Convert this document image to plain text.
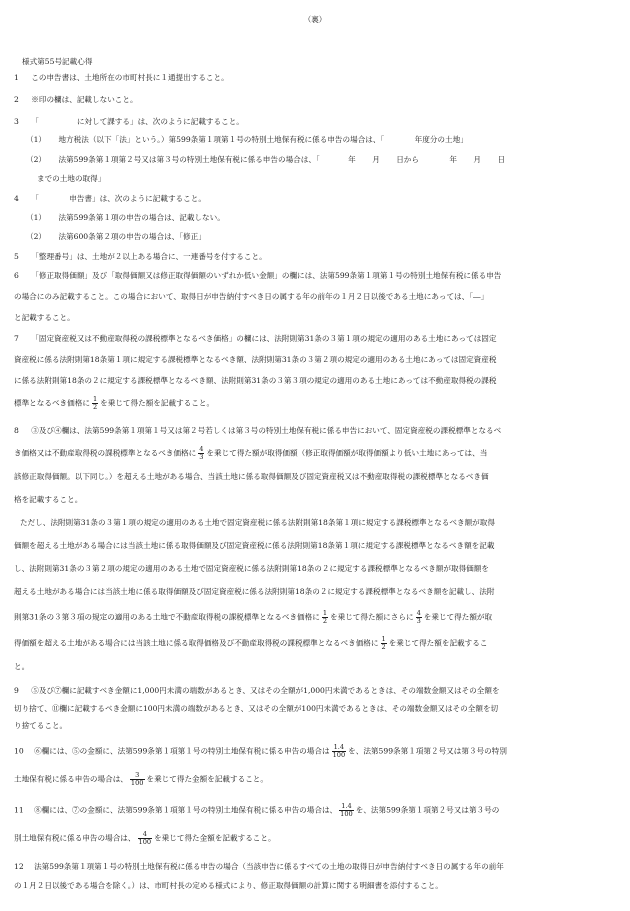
（裏）
様式第55号記載心得
1 この申告書は、土地所在の市町村長に１通提出すること。
2 ※印の欄は、記載しないこと。
3 「　　　　　に対して課する」は、次のように記載すること。
（1） 地方税法（以下「法」という。）第599条第１項第１号の特別土地保有税に係る申告の場合は、「　　　　年度分の土地」
（2） 法第599条第１項第２号又は第３号の特別土地保有税に係る申告の場合は、「	年 月 日から	年 月 日
までの土地の取得」
4 「　　　　申告書」は、次のように記載すること。
（1） 法第599条第１項の申告の場合は、記載しない。
（2） 法第600条第２項の申告の場合は、「修正」
5 「整理番号」は、土地が２以上ある場合に、一連番号を付すること。
6 「修正取得価額」及び「取得価額又は修正取得価額のいずれか低い金額」の欄には、法第599条第１項第１号の特別土地保有税に係る申告
の場合にのみ記載すること。この場合において、取得日が申告納付すべき日の属する年の前年の１月２日以後である土地にあっては、「―」
と記載すること。
7 「固定資産税又は不動産取得税の課税標準となるべき価格」の欄には、法附則第31条の３第１項の規定の適用のある土地にあっては固定
資産税に係る法附則第18条第１項に規定する課税標準となるべき額、法附則第31条の３第２項の規定の適用のある土地にあっては固定資産税
に係る法附則第18条の２に規定する課税標準となるべき額、法附則第31条の３第３項の規定の適用のある土地にあっては不動産取得税の課税
標準となるべき価格に $\frac{1}{2}$ を乗じて得た額を記載すること。
8 ③及び④欄は、法第599条第１項第１号又は第２号若しくは第３号の特別土地保有税に係る申告において、固定資産税の課税標準となるべ
き価格又は不動産取得税の課税標準となるべき価格に $\frac{4}{3}$ を乗じて得た額が取得価額（修正取得価額が取得価額より低い土地にあっては、当
該修正取得価額。以下同じ。）を超える土地がある場合、当該土地に係る取得価額及び固定資産税又は不動産取得税の課税標準となるべき価
格を記載すること。
ただし、法附則第31条の３第１項の規定の適用のある土地で固定資産税に係る法附則第18条第１項に規定する課税標準となるべき額が取得
価額を超える土地がある場合には当該土地に係る取得価額及び固定資産税に係る法附則第18条第１項に規定する課税標準となるべき額を記載
し、法附則第31条の３第２項の規定の適用のある土地で固定資産税に係る法附則第18条の２に規定する課税標準となるべき額が取得価額を
超える土地がある場合には当該土地に係る取得価額及び固定資産税に係る法附則第18条の２に規定する課税標準となるべき額を記載し、法附
則第31条の３第３項の規定の適用のある土地で不動産取得税の課税標準となるべき価格に $\frac{1}{2}$ を乗じて得た額にさらに $\frac{4}{3}$ を乗じて得た額が取
得価額を超える土地がある場合には当該土地に係る取得価格及び不動産取得税の課税標準となるべき価格に $\frac{1}{2}$ を乗じて得た額を記載するこ
と。
9 ⑤及び⑦欄に記載すべき金額に1,000円未満の端数があるとき、又はその全額が1,000円未満であるときは、その端数金額又はその全額を
切り捨て、⑪欄に記載するべき金額に100円未満の端数があるとき、又はその全額が100円未満であるときは、その端数金額又はその全額を切
り捨てること。
10 ⑥欄には、⑤の金額に、法第599条第１項第１号の特別土地保有税に係る申告の場合は $\frac{1.4}{100}$ を、法第599条第１項第２号又は第３号の特別
土地保有税に係る申告の場合は、 $\frac{3}{100}$ を乗じて得た金額を記載すること。
11 ⑧欄には、⑦の金額に、法第599条第１項第１号の特別土地保有税に係る申告の場合は、 $\frac{1.4}{100}$ を、法第599条第１項第２号又は第３号の
別土地保有税に係る申告の場合は、 $\frac{4}{100}$ を乗じて得た金額を記載すること。
12 法第599条第１項第１号の特別土地保有税に係る申告の場合（当該申告に係るすべての土地の取得日が申告納付すべき日の属する年の前年
の１月２日以後である場合を除く。）は、市町村長の定める様式により、修正取得価額の計算に関する明細書を添付すること。
